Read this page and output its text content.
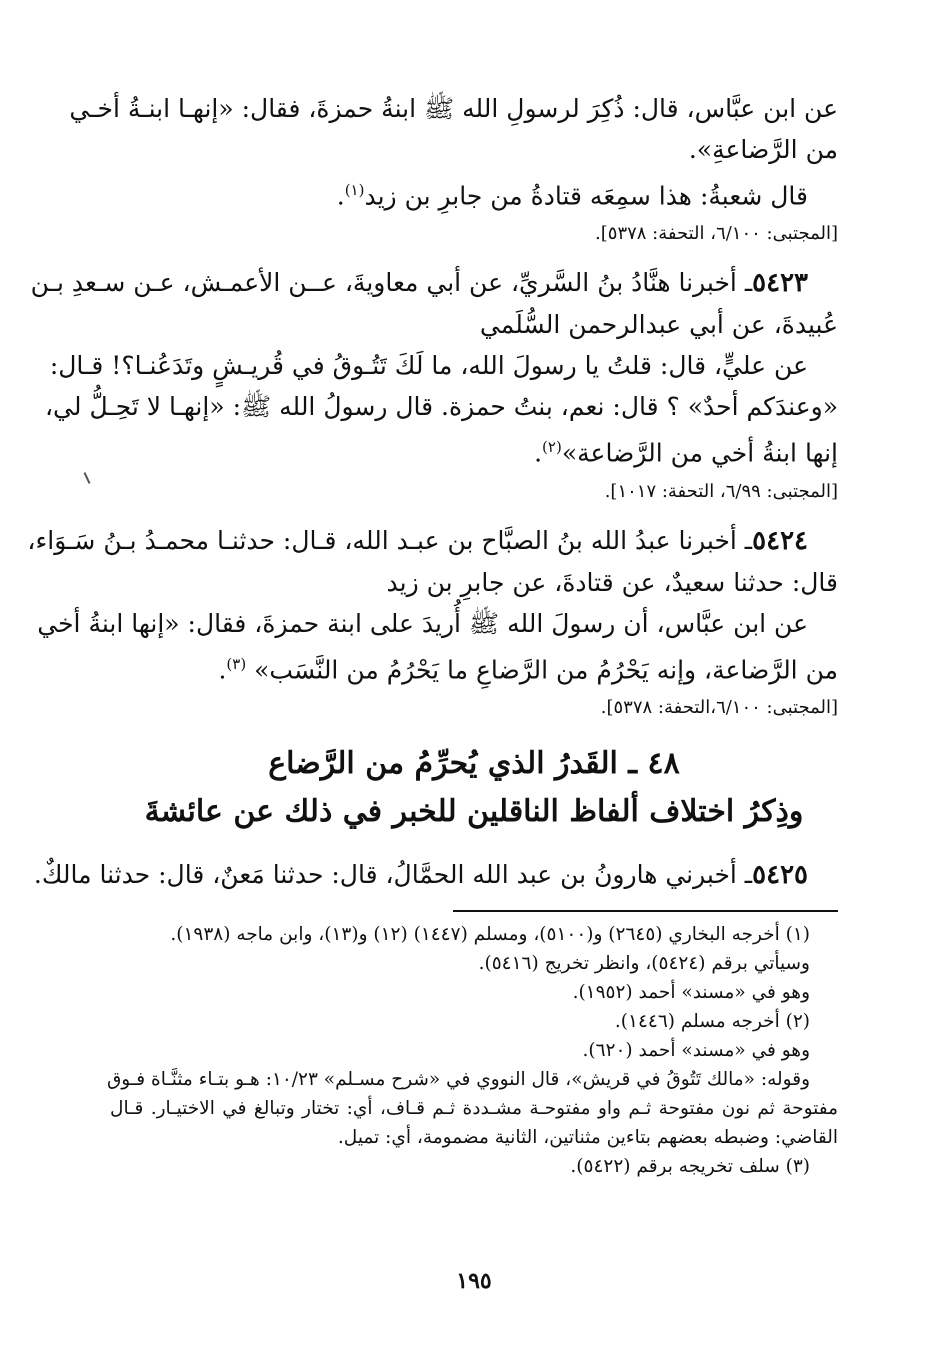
عن ابن عبَّاس، قال: ذُكِرَ لرسولِ الله ﷺ ابنةُ حمزةَ، فقال: «إنهـا ابنـةُ أخـي
من الرَّضاعةِ».
قال شعبةُ: هذا سمِعَه قتادةُ من جابرِ بن زيد$^{(١)}$.
[المجتبى: ٦/١٠٠، التحفة: ٥٣٧٨].
٥٤٢٣ـ أخبرنا هنَّادُ بنُ السَّريِّ، عن أبي معاويةَ، عــن الأعمـش، عـن سـعدِ بـن
عُبيدةَ، عن أبي عبدالرحمن السُّلَمي
عن عليٍّ، قال: قلتُ يا رسولَ الله، ما لَكَ تَتُـوقُ في قُريـشٍ وتَدَعُنـا؟! قـال:
«وعندَكم أحدٌ» ؟ قال: نعم، بنتُ حمزة. قال رسولُ الله ﷺ: «إنهـا لا تَحِـلُّ لي،
إنها ابنةُ أخي من الرَّضاعة»$^{(٢)}$.
[المجتبى: ٦/٩٩، التحفة: ١٠١٧].
٥٤٢٤ـ أخبرنا عبدُ الله بنُ الصبَّاح بن عبـد الله، قـال: حدثنـا محمـدُ بـنُ سَـوَاء،
قال: حدثنا سعيدٌ، عن قتادةَ، عن جابرِ بن زيد
عن ابن عبَّاس، أن رسولَ الله ﷺ أُريدَ على ابنة حمزةَ، فقال: «إنها ابنةُ أخي
من الرَّضاعة، وإنه يَحْرُمُ من الرَّضاعِ ما يَحْرُمُ من النَّسَب» $^{(٣)}$.
[المجتبى: ٦/١٠٠،التحفة: ٥٣٧٨].
٤٨ ـ القَدرُ الذي يُحرِّمُ من الرَّضاع
وذِكرُ اختلاف ألفاظ الناقلين للخبر في ذلك عن عائشةَ
٥٤٢٥ـ أخبرني هارونُ بن عبد الله الحمَّالُ، قال: حدثنا مَعنٌ، قال: حدثنا مالكٌ.
(١) أخرجه البخاري (٢٦٤٥) و(٥١٠٠)، ومسلم (١٤٤٧) (١٢) و(١٣)، وابن ماجه (١٩٣٨).
وسيأتي برقم (٥٤٢٤)، وانظر تخريج (٥٤١٦).
وهو في «مسند» أحمد (١٩٥٢).
(٢) أخرجه مسلم (١٤٤٦).
وهو في «مسند» أحمد (٦٢٠).
وقوله: «مالك تَتُوقُ في قريش»، قال النووي في «شرح مسـلم» ١٠/٢٣: هـو بتـاء مثنَّـاة فـوق
مفتوحة ثم نون مفتوحة ثـم واو مفتوحـة مشـددة ثـم قـاف، أي: تختار وتبالغ في الاختيـار. قـال
القاضي: وضبطه بعضهم بتاءين مثناتين، الثانية مضمومة، أي: تميل.
(٣) سلف تخريجه برقم (٥٤٢٢).
١٩٥
